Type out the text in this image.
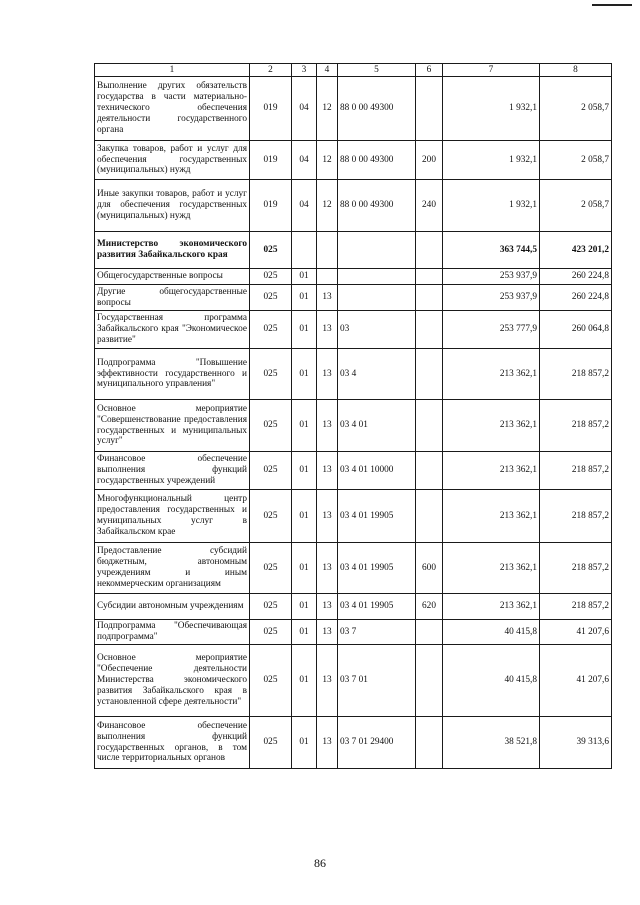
1	2	3	4	5	6	7	8
Выполнение других обязательств государства в части материально-технического обеспечения деятельности государственного органа	019	04	12	88 0 00 49300		1 932,1	2 058,7
Закупка товаров, работ и услуг для обеспечения государственных (муниципальных) нужд	019	04	12	88 0 00 49300	200	1 932,1	2 058,7
Иные закупки товаров, работ и услуг для обеспечения государственных (муниципальных) нужд	019	04	12	88 0 00 49300	240	1 932,1	2 058,7
Министерство экономического развития Забайкальского края	025					363 744,5	423 201,2
Общегосударственные вопросы	025	01				253 937,9	260 224,8
Другие общегосударственные вопросы	025	01	13			253 937,9	260 224,8
Государственная программа Забайкальского края "Экономическое развитие"	025	01	13	03		253 777,9	260 064,8
Подпрограмма "Повышение эффективности государственного и муниципального управления"	025	01	13	03 4		213 362,1	218 857,2
Основное мероприятие "Совершенствование предоставления государственных и муниципальных услуг"	025	01	13	03 4 01		213 362,1	218 857,2
Финансовое обеспечение выполнения функций государственных учреждений	025	01	13	03 4 01 10000		213 362,1	218 857,2
Многофункциональный центр предоставления государственных и муниципальных услуг в Забайкальском крае	025	01	13	03 4 01 19905		213 362,1	218 857,2
Предоставление субсидий бюджетным, автономным учреждениям и иным некоммерческим организациям	025	01	13	03 4 01 19905	600	213 362,1	218 857,2
Субсидии автономным учреждениям	025	01	13	03 4 01 19905	620	213 362,1	218 857,2
Подпрограмма "Обеспечивающая подпрограмма"	025	01	13	03 7		40 415,8	41 207,6
Основное мероприятие "Обеспечение деятельности Министерства экономического развития Забайкальского края в установленной сфере деятельности"	025	01	13	03 7 01		40 415,8	41 207,6
Финансовое обеспечение выполнения функций государственных органов, в том числе территориальных органов	025	01	13	03 7 01 29400		38 521,8	39 313,6
86
